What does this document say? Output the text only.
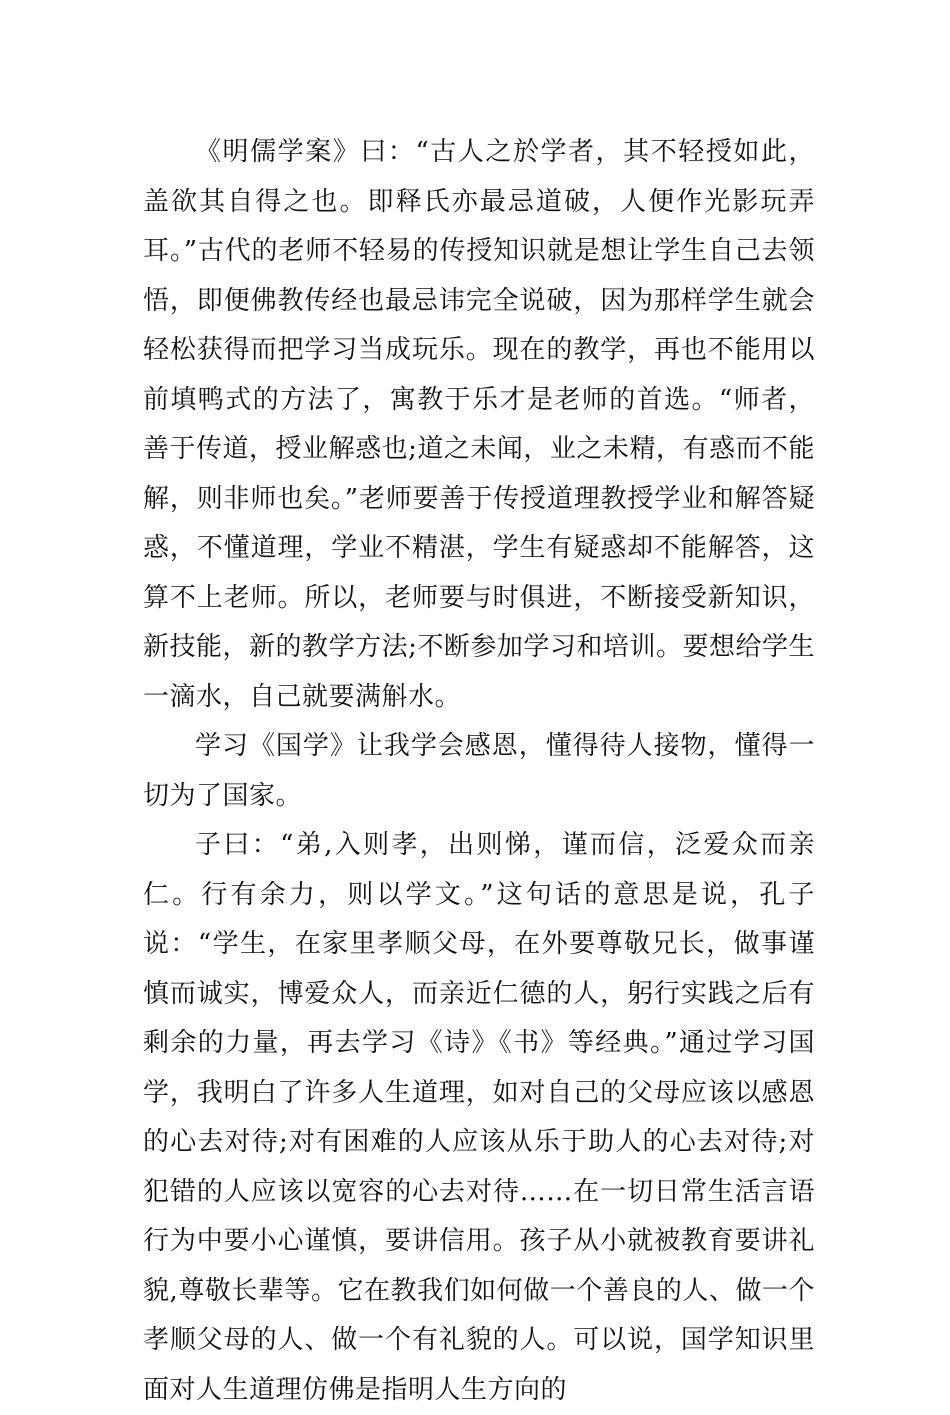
《明儒学案》曰：“古人之於学者，其不轻授如此，盖欲其自得之也。即释氏亦最忌道破，人便作光影玩弄耳。”古代的老师不轻易的传授知识就是想让学生自己去领悟，即便佛教传经也最忌讳完全说破，因为那样学生就会轻松获得而把学习当成玩乐。现在的教学，再也不能用以前填鸭式的方法了，寓教于乐才是老师的首选。“师者，善于传道，授业解惑也;道之未闻，业之未精，有惑而不能解，则非师也矣。”老师要善于传授道理教授学业和解答疑惑，不懂道理，学业不精湛，学生有疑惑却不能解答，这算不上老师。所以，老师要与时俱进，不断接受新知识，新技能，新的教学方法;不断参加学习和培训。要想给学生一滴水，自己就要满斛水。

学习《国学》让我学会感恩，懂得待人接物，懂得一切为了国家。

子曰：“弟,入则孝，出则悌，谨而信，泛爱众而亲仁。行有余力，则以学文。”这句话的意思是说，孔子说：“学生，在家里孝顺父母，在外要尊敬兄长，做事谨慎而诚实，博爱众人，而亲近仁德的人，躬行实践之后有剩余的力量，再去学习《诗》《书》等经典。”通过学习国学，我明白了许多人生道理，如对自己的父母应该以感恩的心去对待;对有困难的人应该从乐于助人的心去对待;对犯错的人应该以宽容的心去对待……在一切日常生活言语行为中要小心谨慎，要讲信用。孩子从小就被教育要讲礼貌,尊敬长辈等。它在教我们如何做一个善良的人、做一个孝顺父母的人、做一个有礼貌的人。可以说，国学知识里面对人生道理仿佛是指明人生方向的
